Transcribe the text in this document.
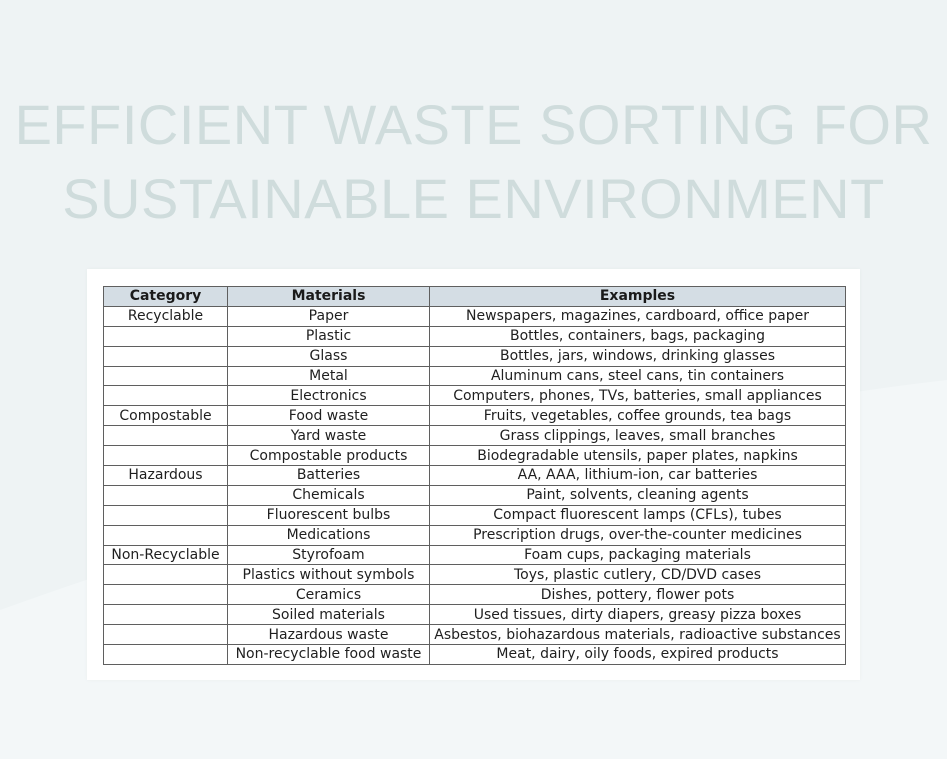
EFFICIENT WASTE SORTING FOR
SUSTAINABLE ENVIRONMENT
Category	Materials	Examples
Recyclable	Paper	Newspapers, magazines, cardboard, office paper
	Plastic	Bottles, containers, bags, packaging
	Glass	Bottles, jars, windows, drinking glasses
	Metal	Aluminum cans, steel cans, tin containers
	Electronics	Computers, phones, TVs, batteries, small appliances
Compostable	Food waste	Fruits, vegetables, coffee grounds, tea bags
	Yard waste	Grass clippings, leaves, small branches
	Compostable products	Biodegradable utensils, paper plates, napkins
Hazardous	Batteries	AA, AAA, lithium-ion, car batteries
	Chemicals	Paint, solvents, cleaning agents
	Fluorescent bulbs	Compact fluorescent lamps (CFLs), tubes
	Medications	Prescription drugs, over-the-counter medicines
Non-Recyclable	Styrofoam	Foam cups, packaging materials
	Plastics without symbols	Toys, plastic cutlery, CD/DVD cases
	Ceramics	Dishes, pottery, flower pots
	Soiled materials	Used tissues, dirty diapers, greasy pizza boxes
	Hazardous waste	Asbestos, biohazardous materials, radioactive substances
	Non-recyclable food waste	Meat, dairy, oily foods, expired products
